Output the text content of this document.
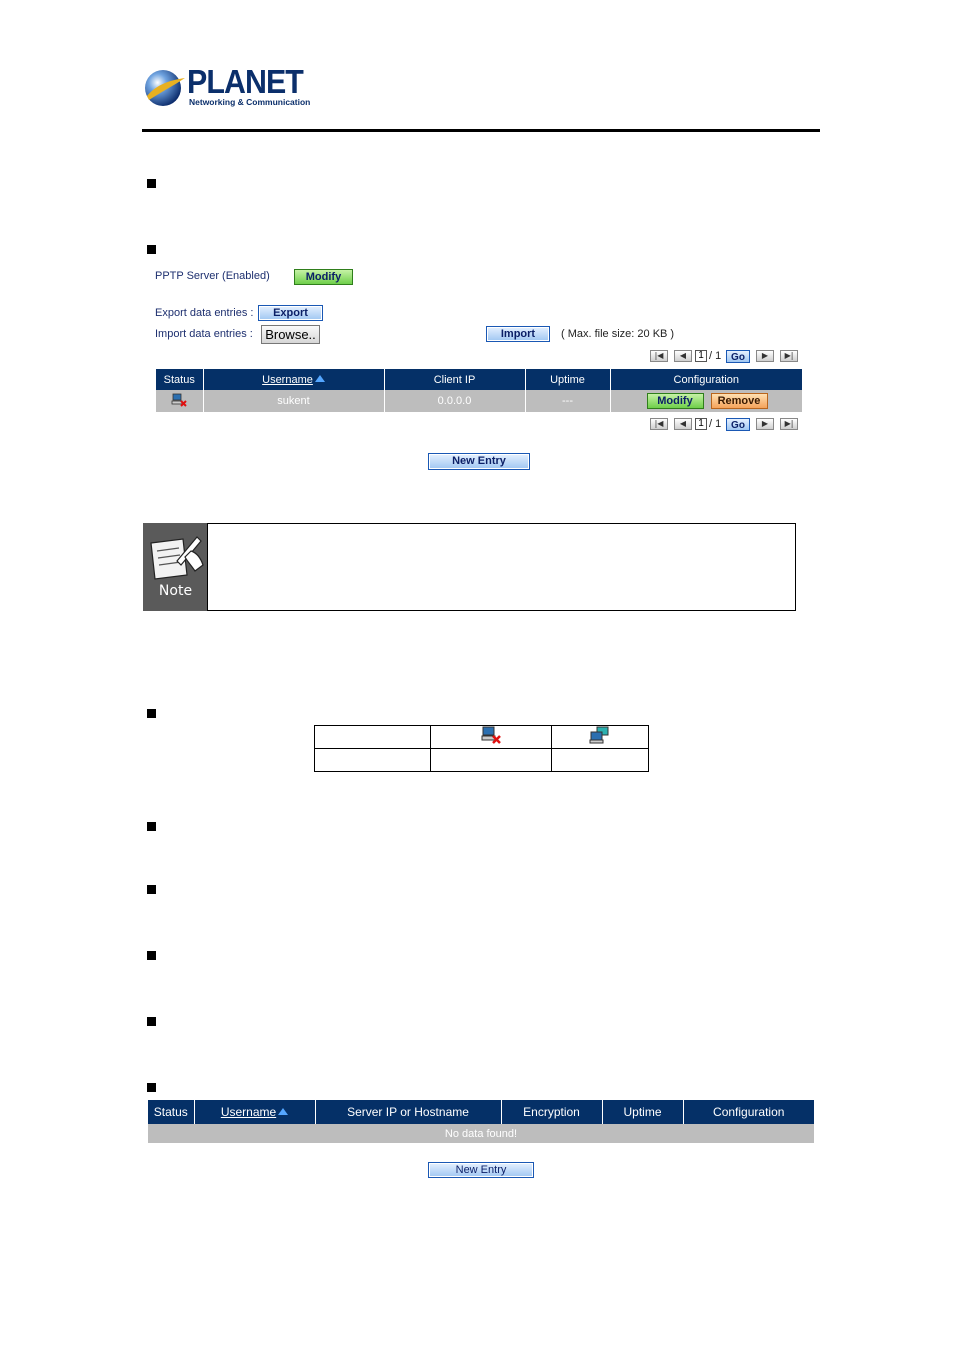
PLANET
Networking & Communication
PPTP Server (Enabled)	Modify
Export data entries :	Export
Import data entries : Browse..	Import	( Max. file size: 20 KB )
|◀	◀	1 / 1 Go	▶	▶|
Status	Username	Client IP	Uptime	Configuration
	sukent	0.0.0.0	---	Modify Remove
|◀	◀	1 / 1 Go	▶	▶|
New Entry
Note

Status	Username	Server IP or Hostname	Encryption	Uptime	Configuration
No data found!
New Entry
